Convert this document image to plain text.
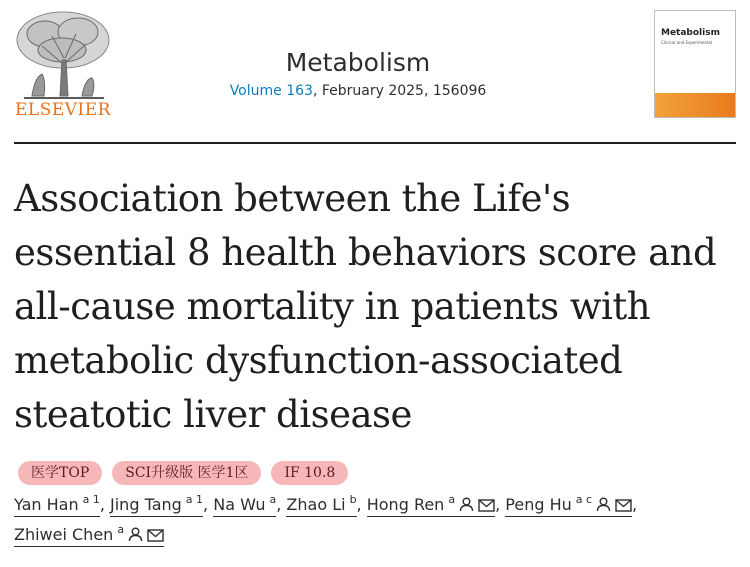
ELSEVIER
Metabolism
Volume 163, February 2025, 156096
Metabolism
Clinical and Experimental
Association between the Life's essential 8 health behaviors score and all-cause mortality in patients with metabolic dysfunction-associated steatotic liver disease
医学TOP	SCI升级版 医学1区	IF 10.8
Yan Han $^{a 1}$, Jing Tang $^{a 1}$, Na Wu $^a$, Zhao Li $^b$, Hong Ren $^a$	, Peng Hu $^{a c}$	, Zhiwei Chen $^a$
